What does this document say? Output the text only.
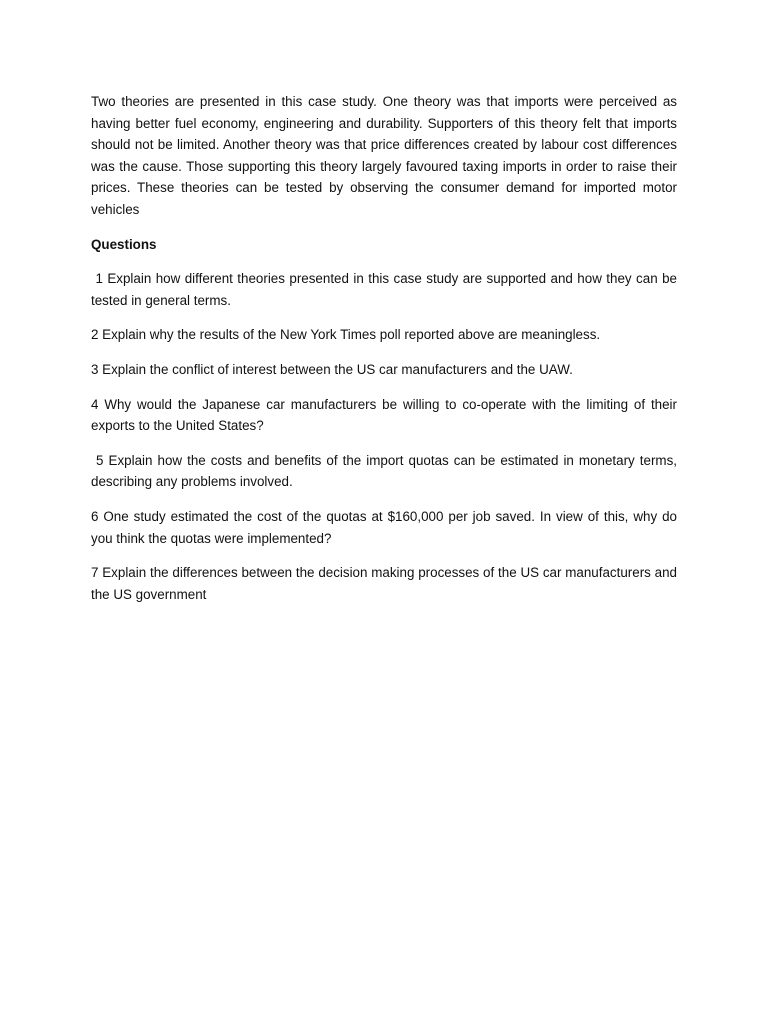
Two theories are presented in this case study. One theory was that imports were perceived as having better fuel economy, engineering and durability. Supporters of this theory felt that imports should not be limited. Another theory was that price differences created by labour cost differences was the cause. Those supporting this theory largely favoured taxing imports in order to raise their prices. These theories can be tested by observing the consumer demand for imported motor vehicles

Questions

1 Explain how different theories presented in this case study are supported and how they can be tested in general terms.

2 Explain why the results of the New York Times poll reported above are meaningless.

3 Explain the conflict of interest between the US car manufacturers and the UAW.

4 Why would the Japanese car manufacturers be willing to co-operate with the limiting of their exports to the United States?

5 Explain how the costs and benefits of the import quotas can be estimated in monetary terms, describing any problems involved.

6 One study estimated the cost of the quotas at $160,000 per job saved. In view of this, why do you think the quotas were implemented?

7 Explain the differences between the decision making processes of the US car manufacturers and the US government
